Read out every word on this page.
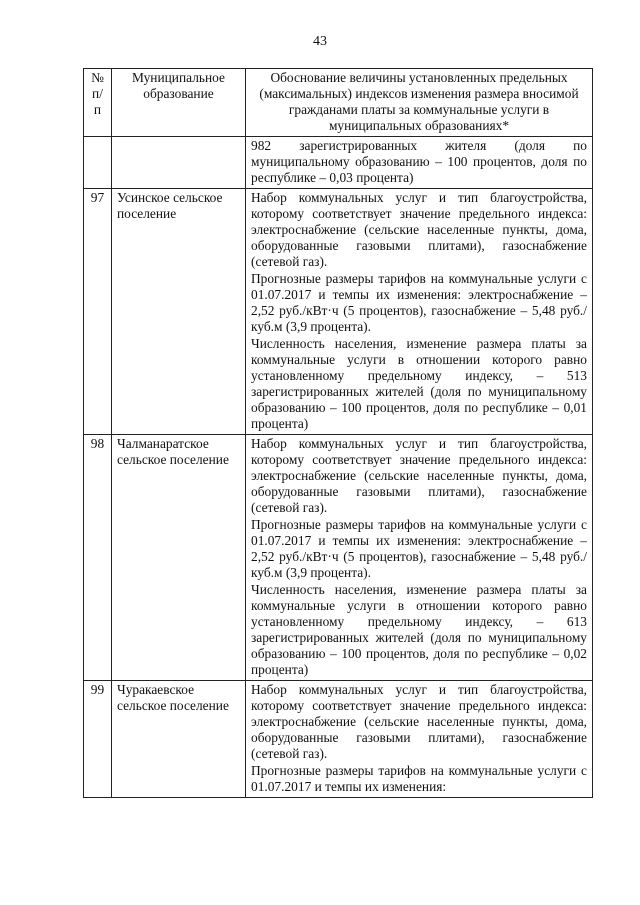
43
№ п/п	Муниципальное образование	Обоснование величины установленных предельных (максимальных) индексов изменения размера вносимой гражданами платы за коммунальные услуги в муниципальных образованиях*

		982 зарегистрированных жителя (доля по муниципальному образованию – 100 процентов, доля по республике – 0,03 процента)

97	Усинское сельское поселение	Набор коммунальных услуг и тип благоустройства, которому соответствует значение предельного индекса: электроснабжение (сельские населенные пункты, дома, оборудованные газовыми плитами), газоснабжение (сетевой газ).

Прогнозные размеры тарифов на коммунальные услуги с 01.07.2017 и темпы их изменения: электроснабжение – 2,52 руб./кВт·ч (5 процентов), газоснабжение – 5,48 руб./куб.м (3,9 процента).

Численность населения, изменение размера платы за коммунальные услуги в отношении которого равно установленному предельному индексу, – 513 зарегистрированных жителей (доля по муниципальному образованию – 100 процентов, доля по республике – 0,01 процента)

98	Чалманаратское сельское поселение	Набор коммунальных услуг и тип благоустройства, которому соответствует значение предельного индекса: электроснабжение (сельские населенные пункты, дома, оборудованные газовыми плитами), газоснабжение (сетевой газ).

Прогнозные размеры тарифов на коммунальные услуги с 01.07.2017 и темпы их изменения: электроснабжение – 2,52 руб./кВт·ч (5 процентов), газоснабжение – 5,48 руб./куб.м (3,9 процента).

Численность населения, изменение размера платы за коммунальные услуги в отношении которого равно установленному предельному индексу, – 613 зарегистрированных жителей (доля по муниципальному образованию – 100 процентов, доля по республике – 0,02 процента)

99	Чуракаевское сельское поселение	Набор коммунальных услуг и тип благоустройства, которому соответствует значение предельного индекса: электроснабжение (сельские населенные пункты, дома, оборудованные газовыми плитами), газоснабжение (сетевой газ).

Прогнозные размеры тарифов на коммунальные услуги с 01.07.2017 и темпы их изменения:
